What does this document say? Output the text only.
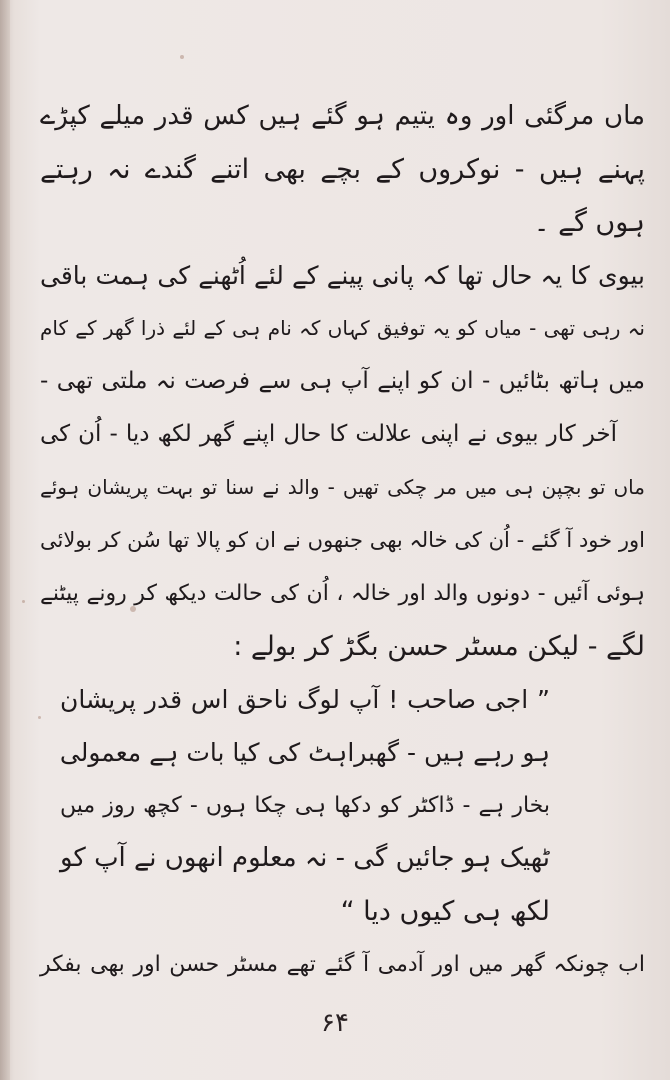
ماں مرگئی اور وہ یتیم ہو گئے ہیں کس قدر میلے کپڑے
پہنے ہیں - نوکروں کے بچے بھی اتنے گندے نہ رہتے
ہوں گے ۔
بیوی کا یہ حال تھا کہ پانی پینے کے لئے اُٹھنے کی ہمت باقی
نہ رہی تھی - میاں کو یہ توفیق کہاں کہ نام ہی کے لئے ذرا گھر کے کام
میں ہاتھ بٹائیں - ان کو اپنے آپ ہی سے فرصت نہ ملتی تھی -
آخر کار بیوی نے اپنی علالت کا حال اپنے گھر لکھ دیا - اُن کی
ماں تو بچپن ہی میں مر چکی تھیں - والد نے سنا تو بہت پریشان ہوئے
اور خود آ گئے - اُن کی خالہ بھی جنھوں نے ان کو پالا تھا سُن کر بولائی
ہوئی آئیں - دونوں والد اور خالہ ، اُن کی حالت دیکھ کر رونے پیٹنے
لگے - لیکن مسٹر حسن بگڑ کر بولے :
” اجی صاحب ! آپ لوگ ناحق اس قدر پریشان
ہو رہے ہیں - گھبراہٹ کی کیا بات ہے معمولی
بخار ہے - ڈاکٹر کو دکھا ہی چکا ہوں - کچھ روز میں
ٹھیک ہو جائیں گی - نہ معلوم انھوں نے آپ کو
لکھ ہی کیوں دیا “
اب چونکہ گھر میں اور آدمی آ گئے تھے مسٹر حسن اور بھی بفکر
۶۴
